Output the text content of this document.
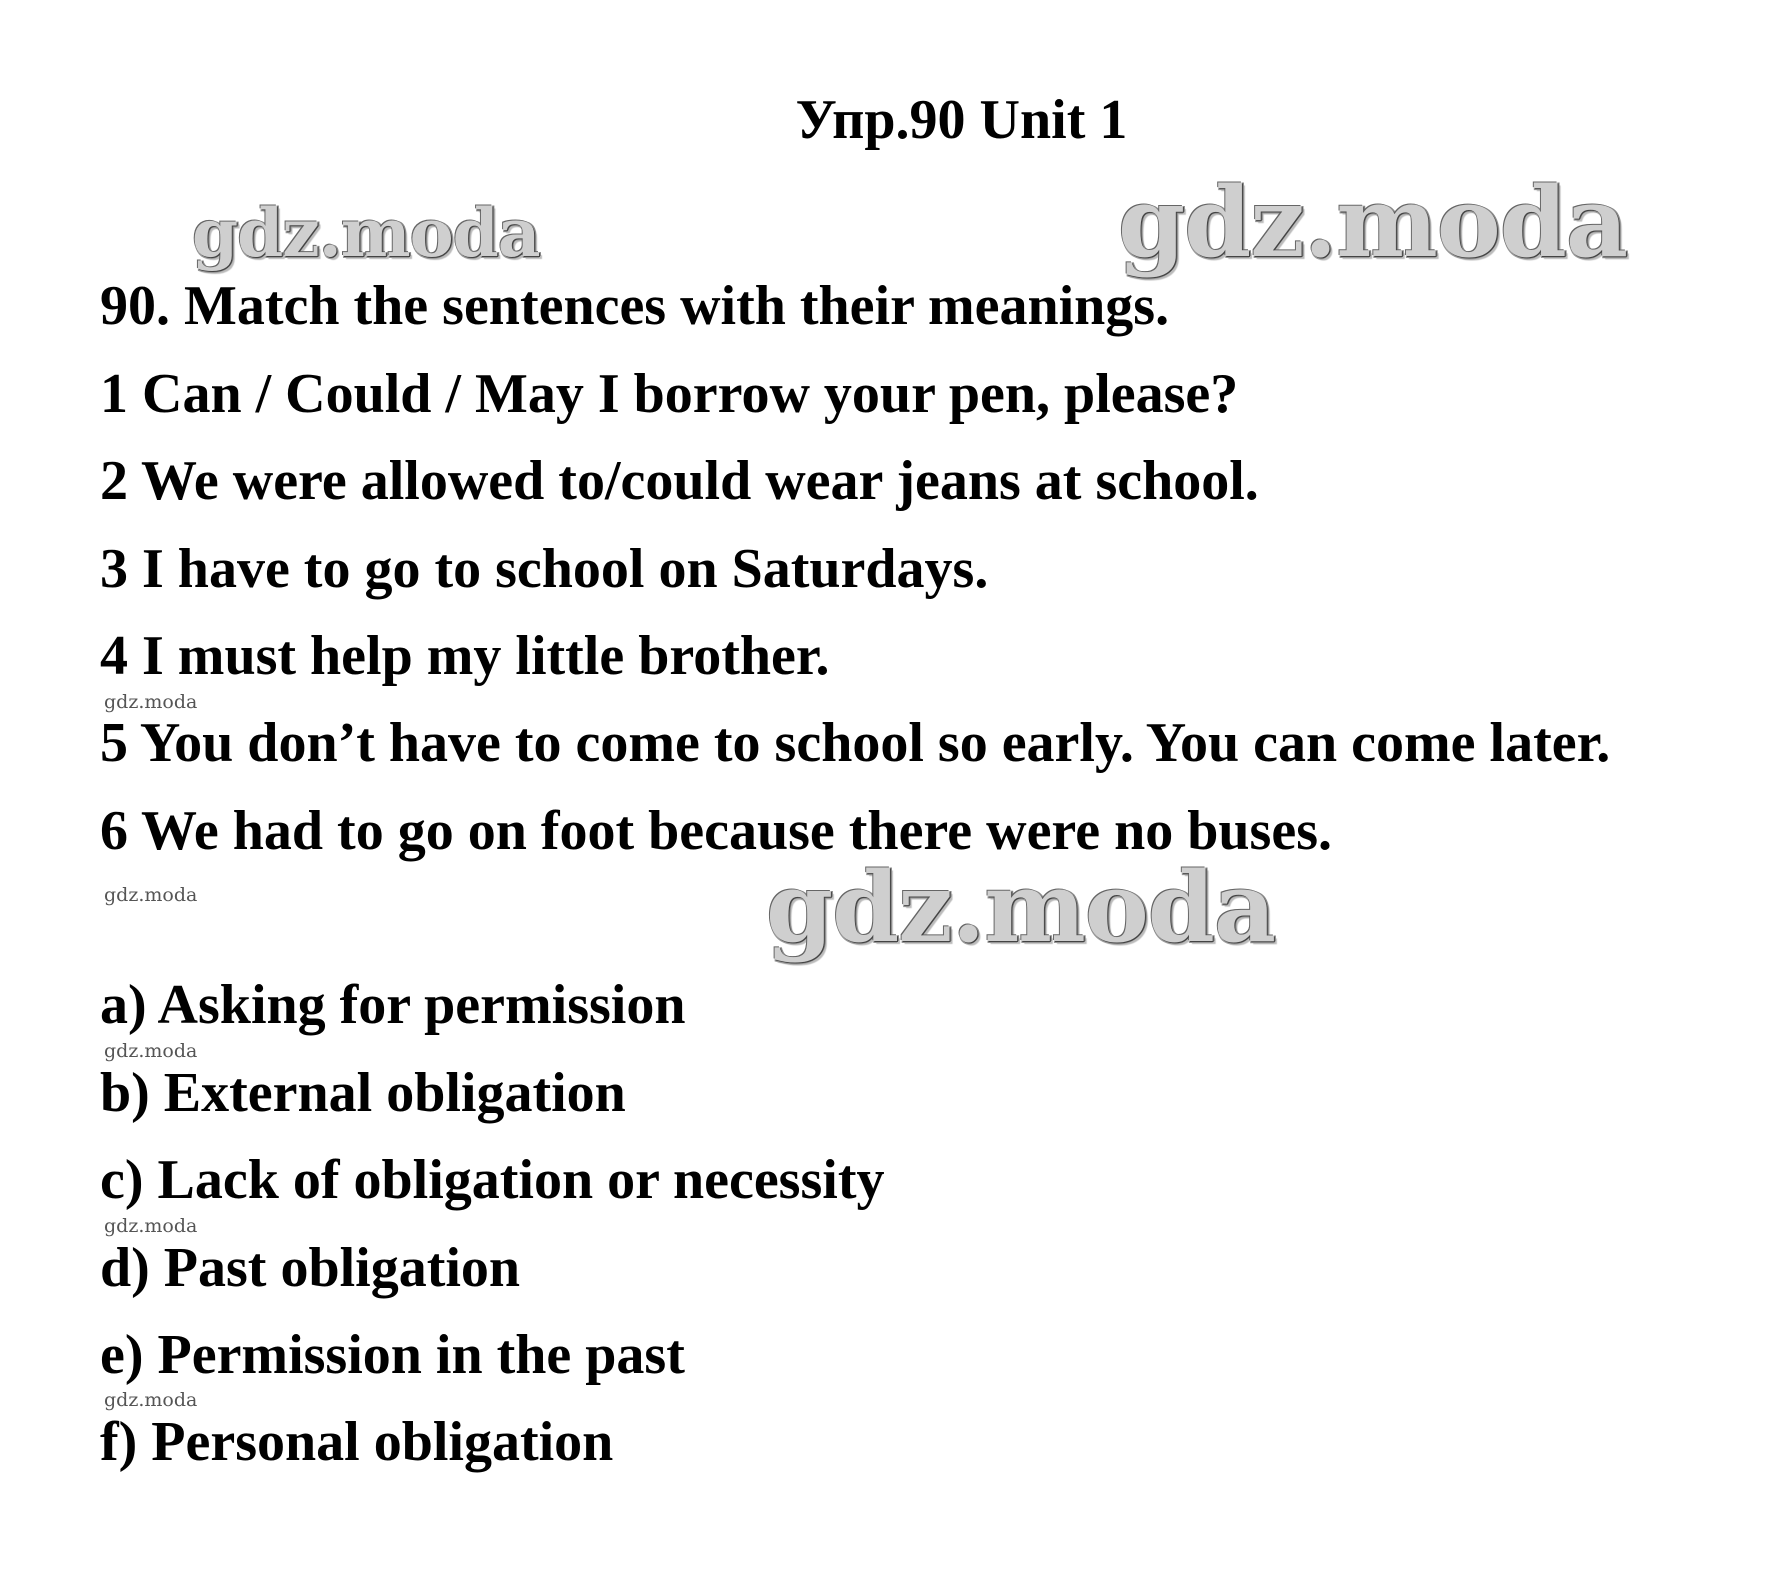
Упр.90 Unit 1
gdz.moda	gdz.moda
gdz.moda
gdz.moda
gdz.moda
gdz.moda
gdz.moda
gdz.moda
90. Match the sentences with their meanings.
1 Can / Could / May I borrow your pen, please?
2 We were allowed to/could wear jeans at school.
3 I have to go to school on Saturdays.
4 I must help my little brother.
5 You don’t have to come to school so early. You can come later.
6 We had to go on foot because there were no buses.
a) Asking for permission
b) External obligation
c) Lack of obligation or necessity
d) Past obligation
e) Permission in the past
f) Personal obligation
